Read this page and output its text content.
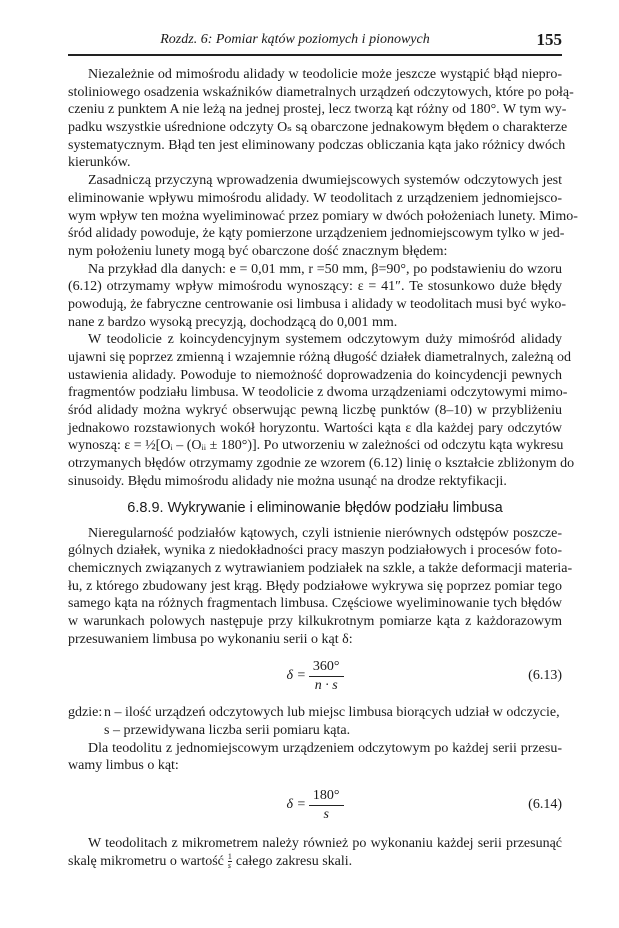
Rozdz. 6: Pomiar kątów poziomych i pionowych	155
Niezależnie od mimośrodu alidady w teodolicie może jeszcze wystąpić błąd niepro-
stoliniowego osadzenia wskaźników diametralnych urządzeń odczytowych, które po połą-
czeniu z punktem A nie leżą na jednej prostej, lecz tworzą kąt różny od 180°. W tym wy-
padku wszystkie uśrednione odczyty Oₛ są obarczone jednakowym błędem o charakterze
systematycznym. Błąd ten jest eliminowany podczas obliczania kąta jako różnicy dwóch
kierunków.
Zasadniczą przyczyną wprowadzenia dwumiejscowych systemów odczytowych jest
eliminowanie wpływu mimośrodu alidady. W teodolitach z urządzeniem jednomiejsco-
wym wpływ ten można wyeliminować przez pomiary w dwóch położeniach lunety. Mimo-
śród alidady powoduje, że kąty pomierzone urządzeniem jednomiejscowym tylko w jed-
nym położeniu lunety mogą być obarczone dość znacznym błędem:
Na przykład dla danych: e = 0,01 mm, r =50 mm, β=90°, po podstawieniu do wzoru
(6.12) otrzymamy wpływ mimośrodu wynoszący: ε = 41″. Te stosunkowo duże błędy
powodują, że fabryczne centrowanie osi limbusa i alidady w teodolitach musi być wyko-
nane z bardzo wysoką precyzją, dochodzącą do 0,001 mm.
W teodolicie z koincydencyjnym systemem odczytowym duży mimośród alidady
ujawni się poprzez zmienną i wzajemnie różną długość działek diametralnych, zależną od
ustawienia alidady. Powoduje to niemożność doprowadzenia do koincydencji pewnych
fragmentów podziału limbusa. W teodolicie z dwoma urządzeniami odczytowymi mimo-
śród alidady można wykryć obserwując pewną liczbę punktów (8–10) w przybliżeniu
jednakowo rozstawionych wokół horyzontu. Wartości kąta ε dla każdej pary odczytów
wynoszą: ε = ½[Oᵢ – (Oᵢᵢ ± 180°)]. Po utworzeniu w zależności od odczytu kąta wykresu
otrzymanych błędów otrzymamy zgodnie ze wzorem (6.12) linię o kształcie zbliżonym do
sinusoidy. Błędu mimośrodu alidady nie można usunąć na drodze rektyfikacji.
6.8.9. Wykrywanie i eliminowanie błędów podziału limbusa
Nieregularność podziałów kątowych, czyli istnienie nierównych odstępów poszcze-
gólnych działek, wynika z niedokładności pracy maszyn podziałowych i procesów foto-
chemicznych związanych z wytrawianiem podziałek na szkle, a także deformacji materia-
łu, z którego zbudowany jest krąg. Błędy podziałowe wykrywa się poprzez pomiar tego
samego kąta na różnych fragmentach limbusa. Częściowe wyeliminowanie tych błędów
w warunkach polowych następuje przy kilkukrotnym pomiarze kąta z każdorazowym
przesuwaniem limbusa po wykonaniu serii o kąt δ:
$\delta = \frac{360^\circ}{n \cdot s}$	(6.13)
gdzie: n – ilość urządzeń odczytowych lub miejsc limbusa biorących udział w odczycie,
s – przewidywana liczba serii pomiaru kąta.
Dla teodolitu z jednomiejscowym urządzeniem odczytowym po każdej serii przesu-
wamy limbus o kąt:
$\delta = \frac{180^\circ}{s}$	(6.14)
W teodolitach z mikrometrem należy również po wykonaniu każdej serii przesunąć
skalę mikrometru o wartość $\frac{1}{s}$ całego zakresu skali.
